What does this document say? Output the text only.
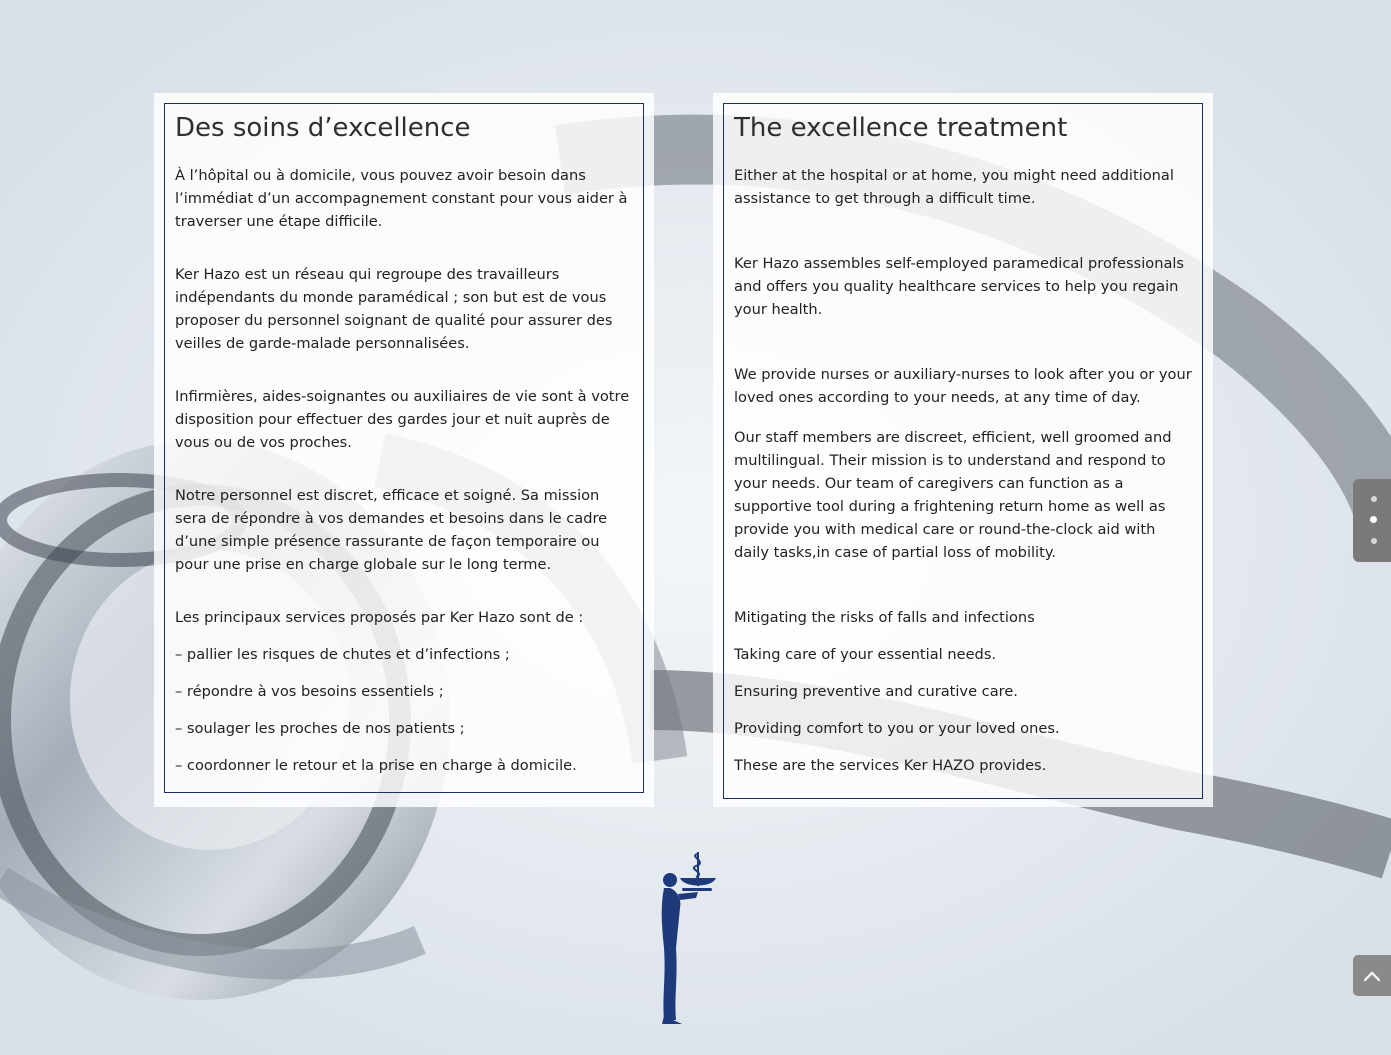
Des soins d’excellence

À l’hôpital ou à domicile, vous pouvez avoir besoin dans l’immédiat d’un accompagnement constant pour vous aider à traverser une étape difficile.

Ker Hazo est un réseau qui regroupe des travailleurs indépendants du monde paramédical ; son but est de vous proposer du personnel soignant de qualité pour assurer des veilles de garde-malade personnalisées.

Infirmières, aides-soignantes ou auxiliaires de vie sont à votre disposition pour effectuer des gardes jour et nuit auprès de vous ou de vos proches.

Notre personnel est discret, efficace et soigné. Sa mission sera de répondre à vos demandes et besoins dans le cadre d’une simple présence rassurante de façon temporaire ou pour une prise en charge globale sur le long terme.

Les principaux services proposés par Ker Hazo sont de :

– pallier les risques de chutes et d’infections ;

– répondre à vos besoins essentiels ;

– soulager les proches de nos patients ;

– coordonner le retour et la prise en charge à domicile.

The excellence treatment

Either at the hospital or at home, you might need additional assistance to get through a difficult time.

Ker Hazo assembles self-employed paramedical professionals and offers you quality healthcare services to help you regain your health.

We provide nurses or auxiliary-nurses to look after you or your loved ones according to your needs, at any time of day.

Our staff members are discreet, efficient, well groomed and multilingual. Their mission is to understand and respond to your needs. Our team of caregivers can function as a supportive tool during a frightening return home as well as provide you with medical care or round-the-clock aid with daily tasks,in case of partial loss of mobility.

Mitigating the risks of falls and infections

Taking care of your essential needs.

Ensuring preventive and curative care.

Providing comfort to you or your loved ones.

These are the services Ker HAZO provides.
